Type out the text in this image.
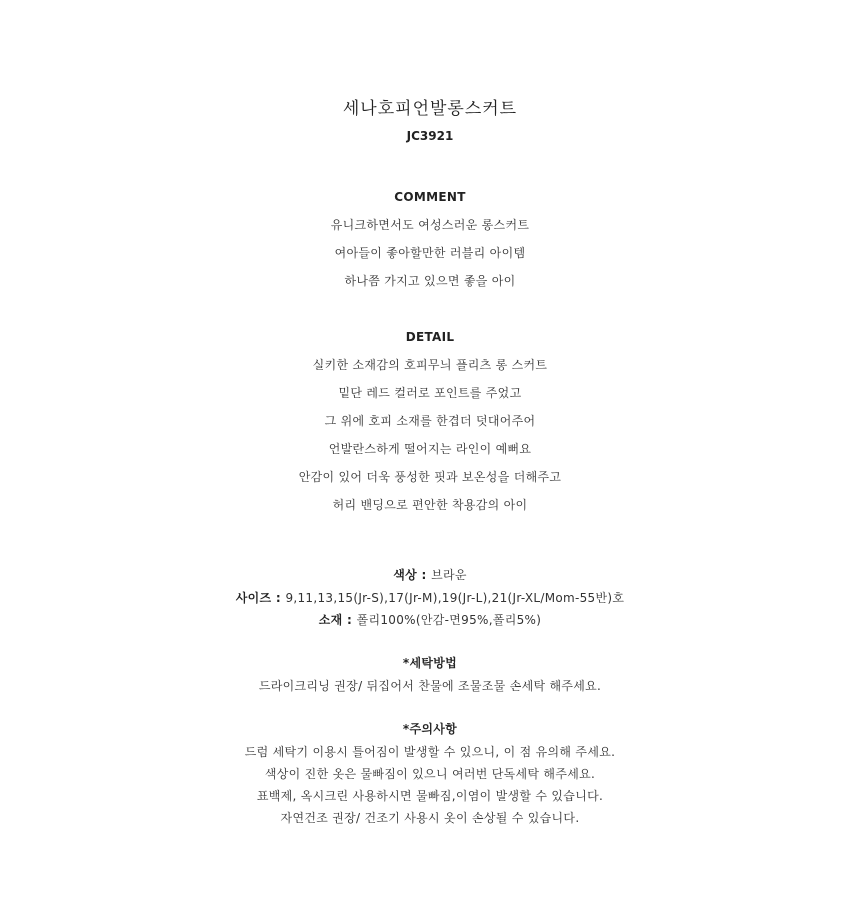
세나호피언발롱스커트
JC3921
COMMENT
유니크하면서도 여성스러운 롱스커트
여아들이 좋아할만한 러블리 아이템
하나쯤 가지고 있으면 좋을 아이
DETAIL
실키한 소재감의 호피무늬 플리츠 롱 스커트
밑단 레드 컬러로 포인트를 주었고
그 위에 호피 소재를 한겹더 덧대어주어
언발란스하게 떨어지는 라인이 예뻐요
안감이 있어 더욱 풍성한 핏과 보온성을 더해주고
허리 밴딩으로 편안한 착용감의 아이
색상 : 브라운
사이즈 : 9,11,13,15(Jr-S),17(Jr-M),19(Jr-L),21(Jr-XL/Mom-55반)호
소재 : 폴리100%(안감-면95%,폴리5%)
*세탁방법
드라이크리닝 권장/ 뒤집어서 찬물에 조물조물 손세탁 해주세요.
*주의사항
드럼 세탁기 이용시 틀어짐이 발생할 수 있으니, 이 점 유의해 주세요.
색상이 진한 옷은 물빠짐이 있으니 여러번 단독세탁 해주세요.
표백제, 옥시크린 사용하시면 물빠짐,이염이 발생할 수 있습니다.
자연건조 권장/ 건조기 사용시 옷이 손상될 수 있습니다.
